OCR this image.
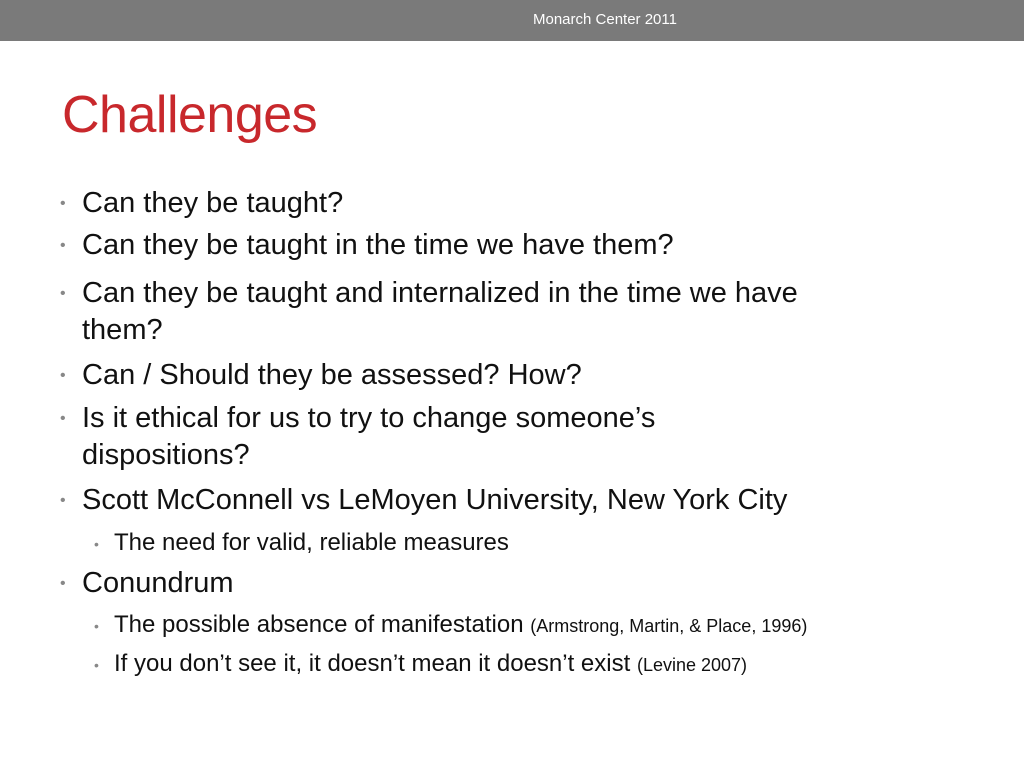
Monarch Center 2011
Challenges
• Can they be taught?
• Can they be taught in the time we have them?
• Can they be taught and internalized in the time we have
them?
• Can / Should they be assessed? How?
• Is it ethical for us to try to change someone’s
dispositions?
• Scott McConnell vs LeMoyen University, New York City
• The need for valid, reliable measures
• Conundrum
• The possible absence of manifestation (Armstrong, Martin, & Place, 1996)
• If you don’t see it, it doesn’t mean it doesn’t exist (Levine 2007)
